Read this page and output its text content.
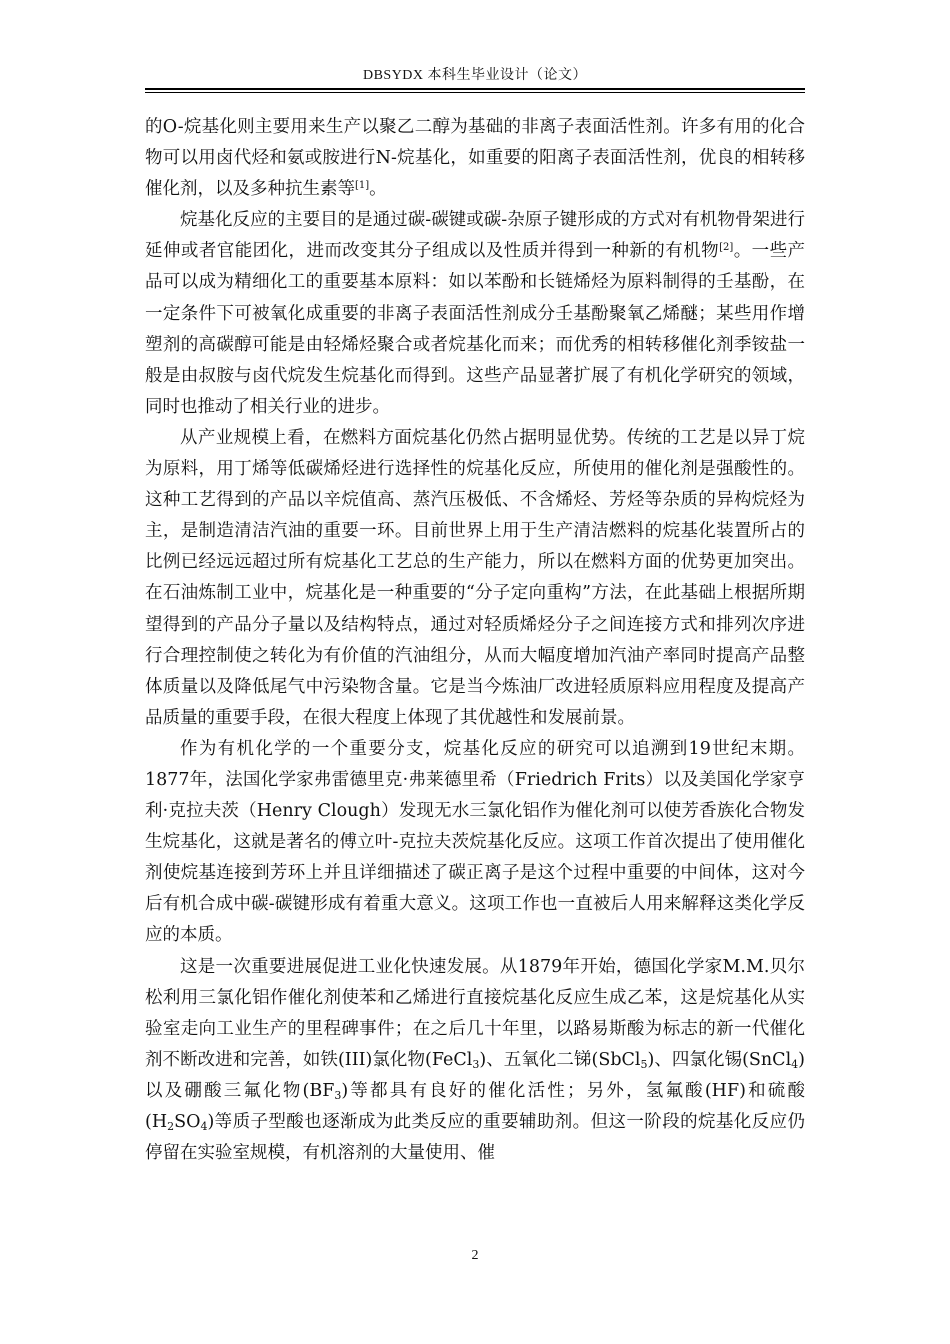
DBSYDX 本科生毕业设计（论文）

的O-烷基化则主要用来生产以聚乙二醇为基础的非离子表面活性剂。许多有用的化合物可以用卤代烃和氨或胺进行N-烷基化，如重要的阳离子表面活性剂，优良的相转移催化剂，以及多种抗生素等[1]。

烷基化反应的主要目的是通过碳-碳键或碳-杂原子键形成的方式对有机物骨架进行延伸或者官能团化，进而改变其分子组成以及性质并得到一种新的有机物[2]。一些产品可以成为精细化工的重要基本原料：如以苯酚和长链烯烃为原料制得的壬基酚，在一定条件下可被氧化成重要的非离子表面活性剂成分壬基酚聚氧乙烯醚；某些用作增塑剂的高碳醇可能是由轻烯烃聚合或者烷基化而来；而优秀的相转移催化剂季铵盐一般是由叔胺与卤代烷发生烷基化而得到。这些产品显著扩展了有机化学研究的领域，同时也推动了相关行业的进步。

从产业规模上看，在燃料方面烷基化仍然占据明显优势。传统的工艺是以异丁烷为原料，用丁烯等低碳烯烃进行选择性的烷基化反应，所使用的催化剂是强酸性的。这种工艺得到的产品以辛烷值高、蒸汽压极低、不含烯烃、芳烃等杂质的异构烷烃为主，是制造清洁汽油的重要一环。目前世界上用于生产清洁燃料的烷基化装置所占的比例已经远远超过所有烷基化工艺总的生产能力，所以在燃料方面的优势更加突出。在石油炼制工业中，烷基化是一种重要的“分子定向重构”方法，在此基础上根据所期望得到的产品分子量以及结构特点，通过对轻质烯烃分子之间连接方式和排列次序进行合理控制使之转化为有价值的汽油组分，从而大幅度增加汽油产率同时提高产品整体质量以及降低尾气中污染物含量。它是当今炼油厂改进轻质原料应用程度及提高产品质量的重要手段，在很大程度上体现了其优越性和发展前景。

作为有机化学的一个重要分支，烷基化反应的研究可以追溯到19世纪末期。1877年，法国化学家弗雷德里克·弗莱德里希（Friedrich Frits）以及美国化学家亨利·克拉夫茨（Henry Clough）发现无水三氯化铝作为催化剂可以使芳香族化合物发生烷基化，这就是著名的傅立叶-克拉夫茨烷基化反应。这项工作首次提出了使用催化剂使烷基连接到芳环上并且详细描述了碳正离子是这个过程中重要的中间体，这对今后有机合成中碳-碳键形成有着重大意义。这项工作也一直被后人用来解释这类化学反应的本质。

这是一次重要进展促进工业化快速发展。从1879年开始，德国化学家M.M.贝尔松利用三氯化铝作催化剂使苯和乙烯进行直接烷基化反应生成乙苯，这是烷基化从实验室走向工业生产的里程碑事件；在之后几十年里，以路易斯酸为标志的新一代催化剂不断改进和完善，如铁(III)氯化物(FeCl$_3$)、五氧化二锑(SbCl$_5$)、四氯化锡(SnCl$_4$)以及硼酸三氟化物$(BF_3)$等都具有良好的催化活性；另外，氢氟酸(HF)和硫酸$(H_2SO_4)$等质子型酸也逐渐成为此类反应的重要辅助剂。但这一阶段的烷基化反应仍停留在实验室规模，有机溶剂的大量使用、催

2
